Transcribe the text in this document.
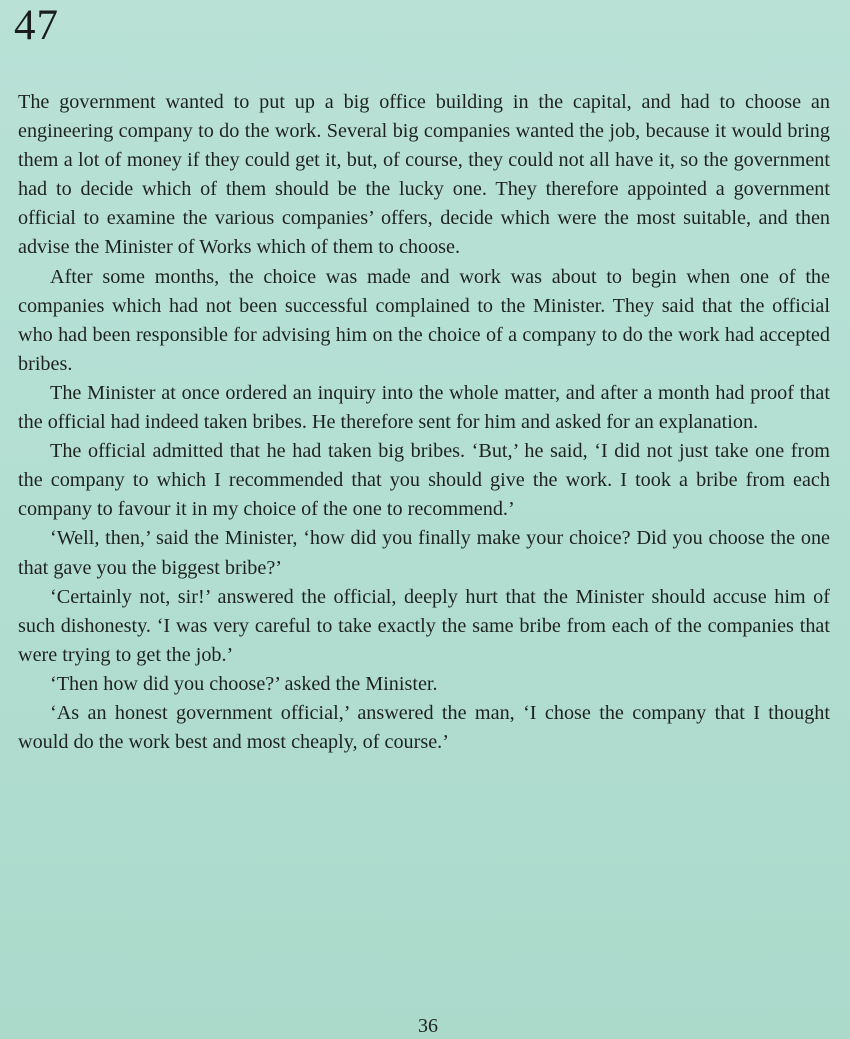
47

The government wanted to put up a big office building in the capital, and had to choose an engineering company to do the work. Several big companies wanted the job, because it would bring them a lot of money if they could get it, but, of course, they could not all have it, so the government had to decide which of them should be the lucky one. They therefore appointed a government official to examine the various companies’ offers, decide which were the most suitable, and then advise the Minister of Works which of them to choose.

After some months, the choice was made and work was about to begin when one of the companies which had not been successful complained to the Minister. They said that the official who had been responsible for advising him on the choice of a company to do the work had accepted bribes.

The Minister at once ordered an inquiry into the whole matter, and after a month had proof that the official had indeed taken bribes. He therefore sent for him and asked for an explanation.

The official admitted that he had taken big bribes. ‘But,’ he said, ‘I did not just take one from the company to which I recommended that you should give the work. I took a bribe from each company to favour it in my choice of the one to recommend.’

‘Well, then,’ said the Minister, ‘how did you finally make your choice? Did you choose the one that gave you the biggest bribe?’

‘Certainly not, sir!’ answered the official, deeply hurt that the Minister should accuse him of such dishonesty. ‘I was very careful to take exactly the same bribe from each of the companies that were trying to get the job.’

‘Then how did you choose?’ asked the Minister.

‘As an honest government official,’ answered the man, ‘I chose the company that I thought would do the work best and most cheaply, of course.’

36
